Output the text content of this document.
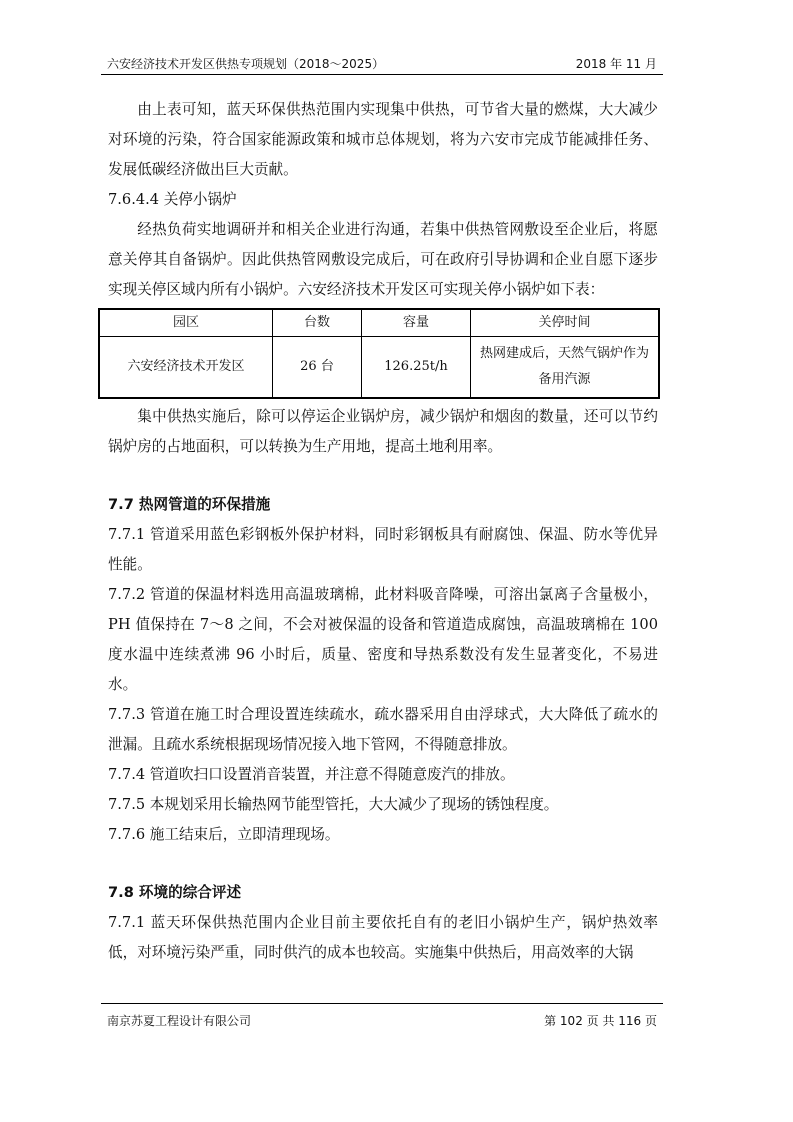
六安经济技术开发区供热专项规划（2018～2025）	2018 年 11 月

由上表可知，蓝天环保供热范围内实现集中供热，可节省大量的燃煤，大大减少对环境的污染，符合国家能源政策和城市总体规划，将为六安市完成节能减排任务、发展低碳经济做出巨大贡献。

7.6.4.4 关停小锅炉

经热负荷实地调研并和相关企业进行沟通，若集中供热管网敷设至企业后，将愿意关停其自备锅炉。因此供热管网敷设完成后，可在政府引导协调和企业自愿下逐步实现关停区域内所有小锅炉。六安经济技术开发区可实现关停小锅炉如下表：

园区	台数	容量	关停时间
六安经济技术开发区	26 台	126.25t/h	热网建成后，天然气锅炉作为备用汽源

集中供热实施后，除可以停运企业锅炉房，减少锅炉和烟囱的数量，还可以节约锅炉房的占地面积，可以转换为生产用地，提高土地利用率。

7.7 热网管道的环保措施

7.7.1 管道采用蓝色彩钢板外保护材料，同时彩钢板具有耐腐蚀、保温、防水等优异性能。

7.7.2 管道的保温材料选用高温玻璃棉，此材料吸音降噪，可溶出氯离子含量极小，PH 值保持在 7～8 之间，不会对被保温的设备和管道造成腐蚀，高温玻璃棉在 100 度水温中连续煮沸 96 小时后，质量、密度和导热系数没有发生显著变化，不易进水。

7.7.3 管道在施工时合理设置连续疏水，疏水器采用自由浮球式，大大降低了疏水的泄漏。且疏水系统根据现场情况接入地下管网，不得随意排放。

7.7.4 管道吹扫口设置消音装置，并注意不得随意废汽的排放。

7.7.5 本规划采用长输热网节能型管托，大大减少了现场的锈蚀程度。

7.7.6 施工结束后，立即清理现场。

7.8 环境的综合评述

7.7.1 蓝天环保供热范围内企业目前主要依托自有的老旧小锅炉生产，锅炉热效率低，对环境污染严重，同时供汽的成本也较高。实施集中供热后，用高效率的大锅

南京苏夏工程设计有限公司	第 102 页 共 116 页
